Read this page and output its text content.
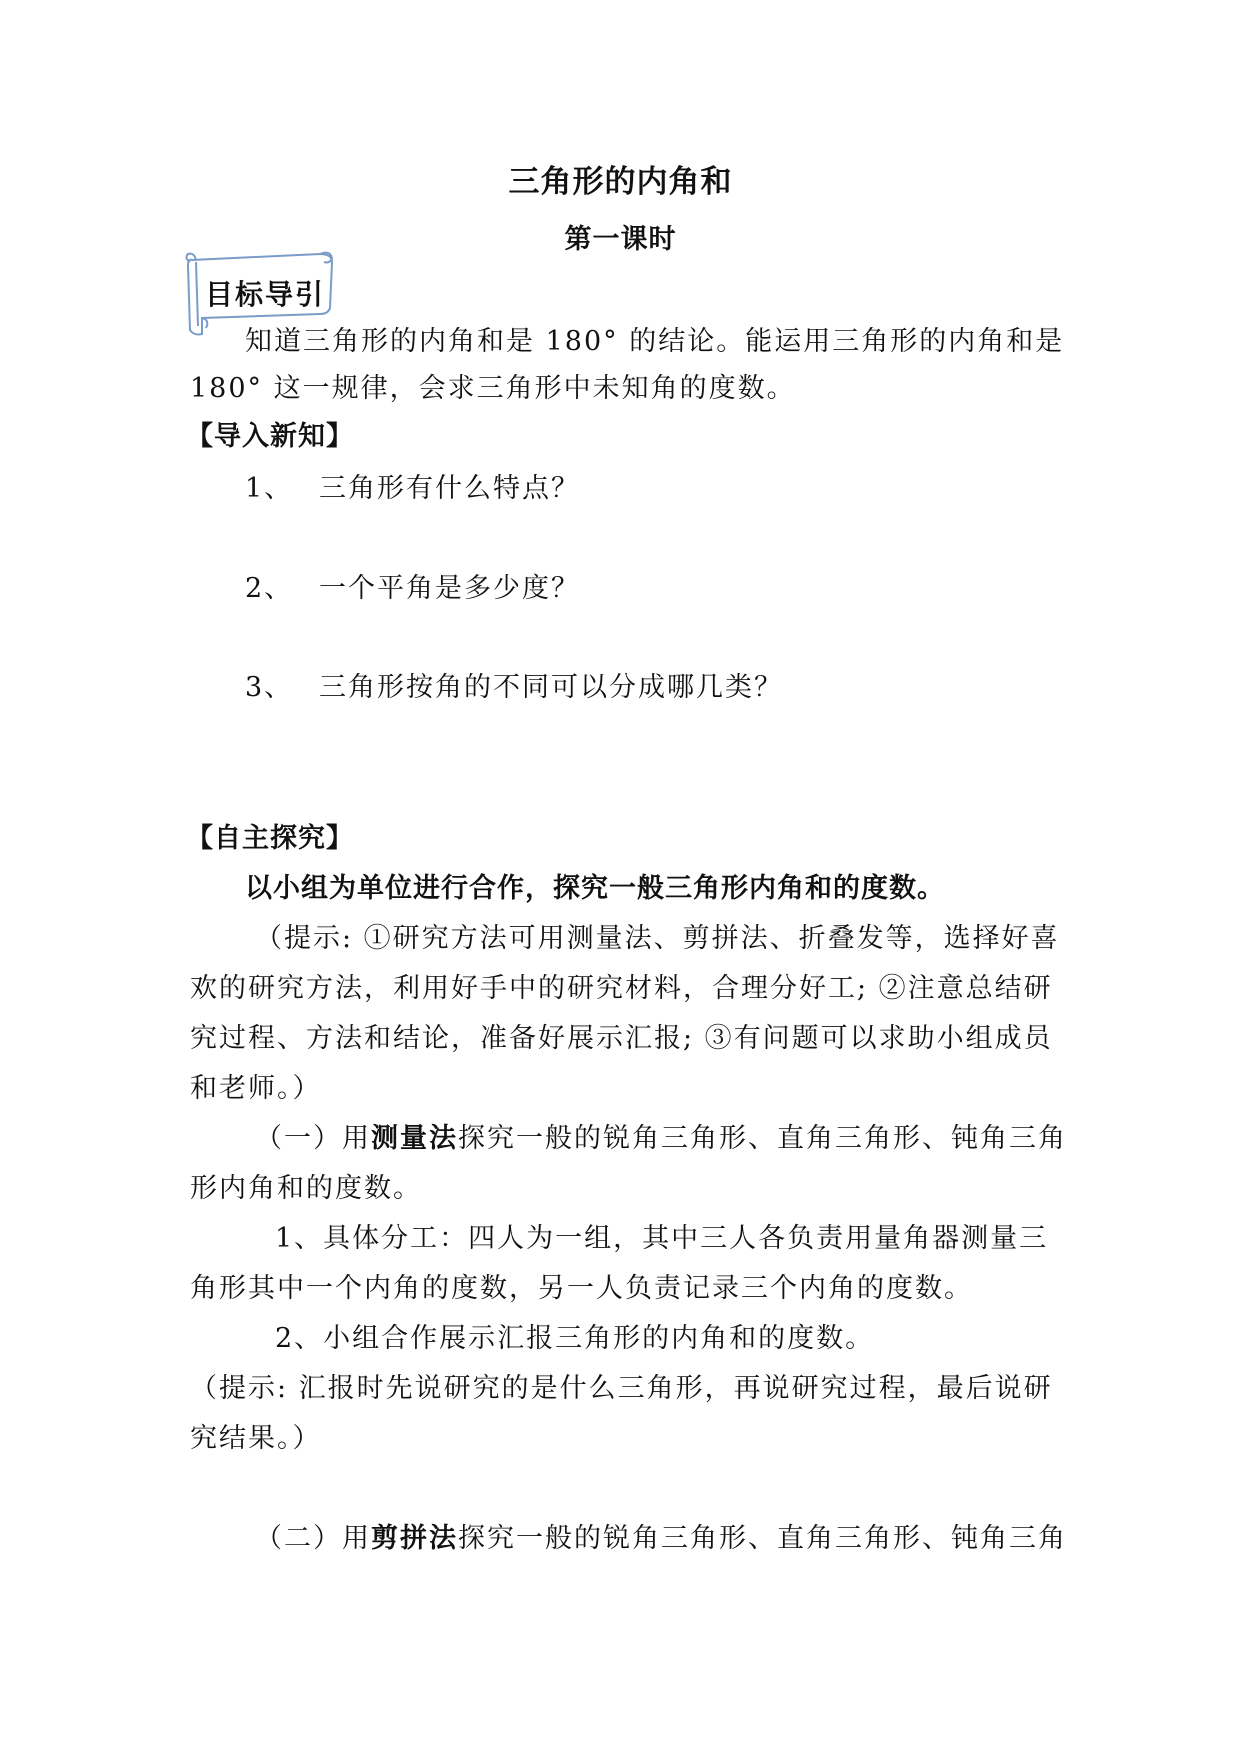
三角形的内角和
第一课时
目标导引
知道三角形的内角和是 180° 的结论。能运用三角形的内角和是
180° 这一规律，会求三角形中未知角的度数。
【导入新知】
1、 三角形有什么特点？
2、 一个平角是多少度？
3、 三角形按角的不同可以分成哪几类？
【自主探究】
以小组为单位进行合作，探究一般三角形内角和的度数。
（提示: ①研究方法可用测量法、剪拼法、折叠发等，选择好喜
欢的研究方法，利用好手中的研究材料，合理分好工; ②注意总结研
究过程、方法和结论，准备好展示汇报; ③有问题可以求助小组成员
和老师。）
（一）用测量法探究一般的锐角三角形、直角三角形、钝角三角
形内角和的度数。
1、具体分工：四人为一组，其中三人各负责用量角器测量三
角形其中一个内角的度数，另一人负责记录三个内角的度数。
2、小组合作展示汇报三角形的内角和的度数。
（提示: 汇报时先说研究的是什么三角形，再说研究过程，最后说研
究结果。）
（二）用剪拼法探究一般的锐角三角形、直角三角形、钝角三角
